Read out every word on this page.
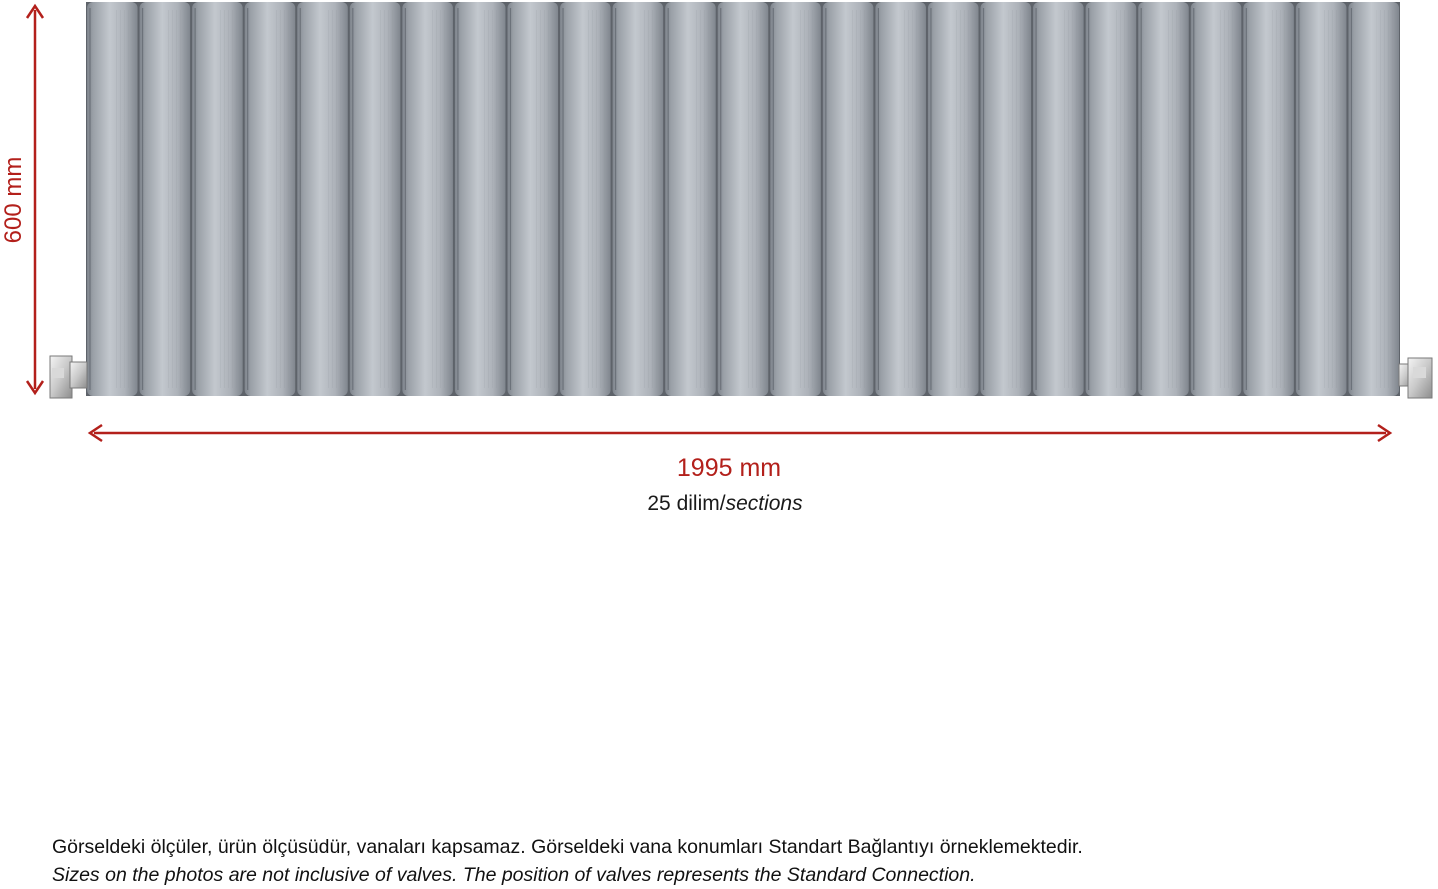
600 mm
1995 mm
25 dilim/sections
Görseldeki ölçüler, ürün ölçüsüdür, vanaları kapsamaz. Görseldeki vana konumları Standart Bağlantıyı örneklemektedir.
Sizes on the photos are not inclusive of valves. The position of valves represents the Standard Connection.
